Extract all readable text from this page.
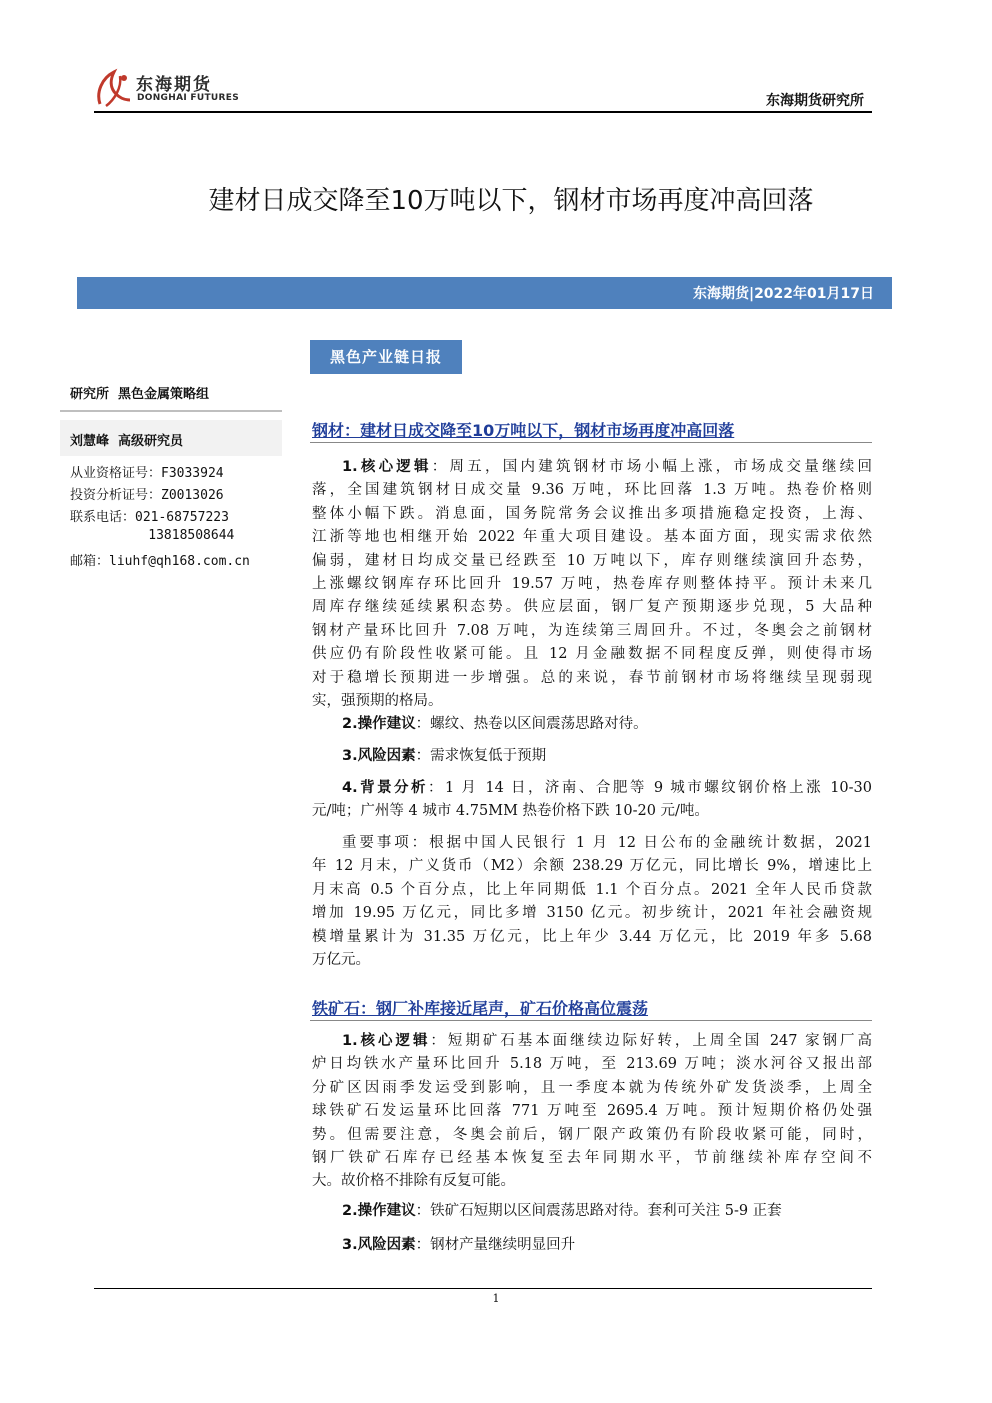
东海期货
DONGHAI FUTURES	东海期货研究所
建材日成交降至10万吨以下，钢材市场再度冲高回落
东海期货|2022年01月17日
黑色产业链日报
研究所  黑色金属策略组
刘慧峰  高级研究员
从业资格证号：F3033924
投资分析证号：Z0013026
联系电话：021-68757223
13818508644
邮箱：liuhf@qh168.com.cn
钢材：建材日成交降至10万吨以下，钢材市场再度冲高回落
1.核心逻辑：周五，国内建筑钢材市场小幅上涨，市场成交量继续回
落，全国建筑钢材日成交量 9.36 万吨，环比回落 1.3 万吨。热卷价格则
整体小幅下跌。消息面，国务院常务会议推出多项措施稳定投资，上海、
江浙等地也相继开始 2022 年重大项目建设。基本面方面，现实需求依然
偏弱，建材日均成交量已经跌至 10 万吨以下，库存则继续演回升态势，
上涨螺纹钢库存环比回升 19.57 万吨，热卷库存则整体持平。预计未来几
周库存继续延续累积态势。供应层面，钢厂复产预期逐步兑现，5 大品种
钢材产量环比回升 7.08 万吨，为连续第三周回升。不过，冬奥会之前钢材
供应仍有阶段性收紧可能。且 12 月金融数据不同程度反弹，则使得市场
对于稳增长预期进一步增强。总的来说，春节前钢材市场将继续呈现弱现
实，强预期的格局。
2.操作建议：螺纹、热卷以区间震荡思路对待。
3.风险因素：需求恢复低于预期
4.背景分析：1 月 14 日，济南、合肥等 9 城市螺纹钢价格上涨 10-30
元/吨；广州等 4 城市 4.75MM 热卷价格下跌 10-20 元/吨。
重要事项：根据中国人民银行 1 月 12 日公布的金融统计数据，2021
年 12 月末，广义货币（M2）余额 238.29 万亿元，同比增长 9%，增速比上
月末高 0.5 个百分点，比上年同期低 1.1 个百分点。2021 全年人民币贷款
增加 19.95 万亿元，同比多增 3150 亿元。初步统计，2021 年社会融资规
模增量累计为 31.35 万亿元，比上年少 3.44 万亿元，比 2019 年多 5.68
万亿元。
铁矿石：钢厂补库接近尾声，矿石价格高位震荡
1.核心逻辑：短期矿石基本面继续边际好转，上周全国 247 家钢厂高
炉日均铁水产量环比回升 5.18 万吨，至 213.69 万吨；淡水河谷又报出部
分矿区因雨季发运受到影响，且一季度本就为传统外矿发货淡季，上周全
球铁矿石发运量环比回落 771 万吨至 2695.4 万吨。预计短期价格仍处强
势。但需要注意，冬奥会前后，钢厂限产政策仍有阶段收紧可能，同时，
钢厂铁矿石库存已经基本恢复至去年同期水平，节前继续补库存空间不
大。故价格不排除有反复可能。
2.操作建议：铁矿石短期以区间震荡思路对待。套利可关注 5-9 正套
3.风险因素：钢材产量继续明显回升
1
